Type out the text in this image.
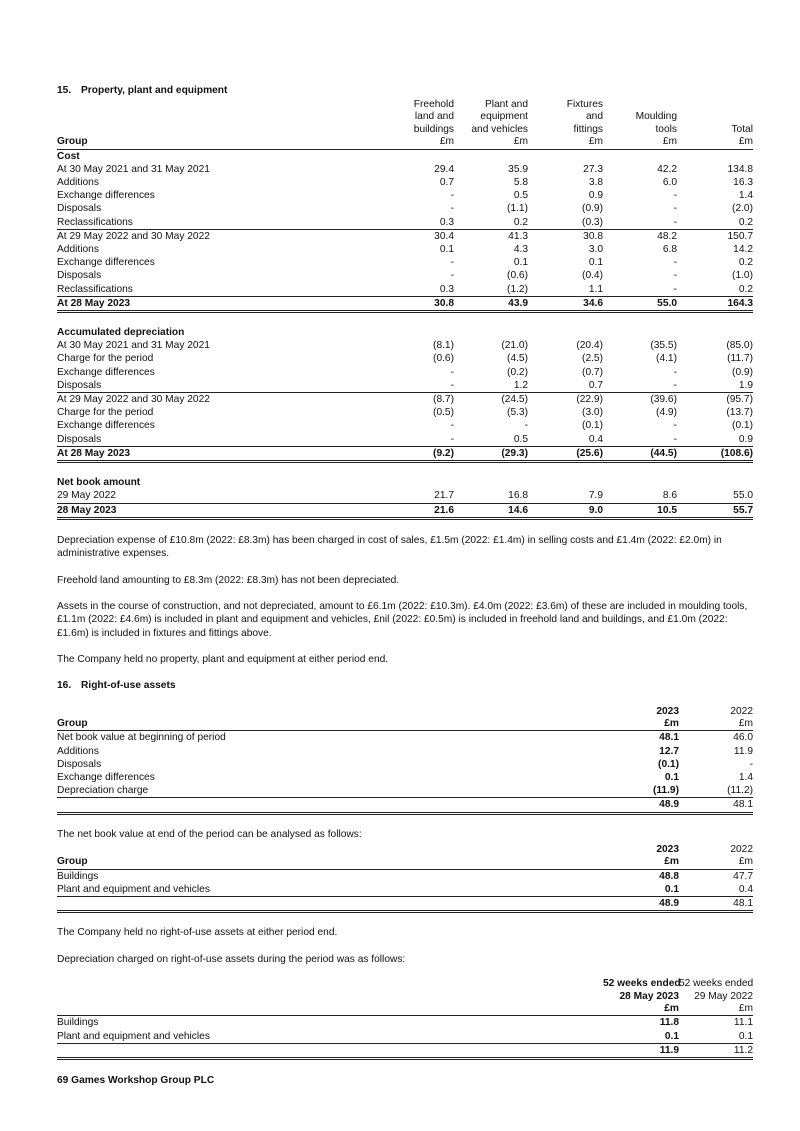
15. Property, plant and equipment
	Freehold	Plant and	Fixtures		
	land and	equipment	and	Moulding	
	buildings	and vehicles	fittings	tools	Total
Group	£m	£m	£m	£m	£m
Cost					
At 30 May 2021 and 31 May 2021	29.4	35.9	27.3	42.2	134.8
Additions	0.7	5.8	3.8	6.0	16.3
Exchange differences	-	0.5	0.9	-	1.4
Disposals	-	(1.1)	(0.9)	-	(2.0)
Reclassifications	0.3	0.2	(0.3)	-	0.2
At 29 May 2022 and 30 May 2022	30.4	41.3	30.8	48.2	150.7
Additions	0.1	4.3	3.0	6.8	14.2
Exchange differences	-	0.1	0.1	-	0.2
Disposals	-	(0.6)	(0.4)	-	(1.0)
Reclassifications	0.3	(1.2)	1.1	-	0.2
At 28 May 2023	30.8	43.9	34.6	55.0	164.3

Accumulated depreciation					
At 30 May 2021 and 31 May 2021	(8.1)	(21.0)	(20.4)	(35.5)	(85.0)
Charge for the period	(0.6)	(4.5)	(2.5)	(4.1)	(11.7)
Exchange differences	-	(0.2)	(0.7)	-	(0.9)
Disposals	-	1.2	0.7	-	1.9
At 29 May 2022 and 30 May 2022	(8.7)	(24.5)	(22.9)	(39.6)	(95.7)
Charge for the period	(0.5)	(5.3)	(3.0)	(4.9)	(13.7)
Exchange differences	-	-	(0.1)	-	(0.1)
Disposals	-	0.5	0.4	-	0.9
At 28 May 2023	(9.2)	(29.3)	(25.6)	(44.5)	(108.6)

Net book amount					
29 May 2022	21.7	16.8	7.9	8.6	55.0
28 May 2023	21.6	14.6	9.0	10.5	55.7

Depreciation expense of £10.8m (2022: £8.3m) has been charged in cost of sales, £1.5m (2022: £1.4m) in selling costs and £1.4m (2022: £2.0m) in administrative expenses.

Freehold land amounting to £8.3m (2022: £8.3m) has not been depreciated.

Assets in the course of construction, and not depreciated, amount to £6.1m (2022: £10.3m). £4.0m (2022: £3.6m) of these are included in moulding tools, £1.1m (2022: £4.6m) is included in plant and equipment and vehicles, £nil (2022: £0.5m) is included in freehold land and buildings, and £1.0m (2022: £1.6m) is included in fixtures and fittings above.

The Company held no property, plant and equipment at either period end.

16. Right-of-use assets
	2023	2022
Group	£m	£m
Net book value at beginning of period	48.1	46.0
Additions	12.7	11.9
Disposals	(0.1)	-
Exchange differences	0.1	1.4
Depreciation charge	(11.9)	(11.2)
	48.9	48.1

The net book value at end of the period can be analysed as follows:

	2023	2022
Group	£m	£m
Buildings	48.8	47.7
Plant and equipment and vehicles	0.1	0.4
	48.9	48.1

The Company held no right-of-use assets at either period end.

Depreciation charged on right-of-use assets during the period was as follows:

	52 weeks ended	52 weeks ended
	28 May 2023	29 May 2022
	£m	£m
Buildings	11.8	11.1
Plant and equipment and vehicles	0.1	0.1
	11.9	11.2
69 Games Workshop Group PLC
